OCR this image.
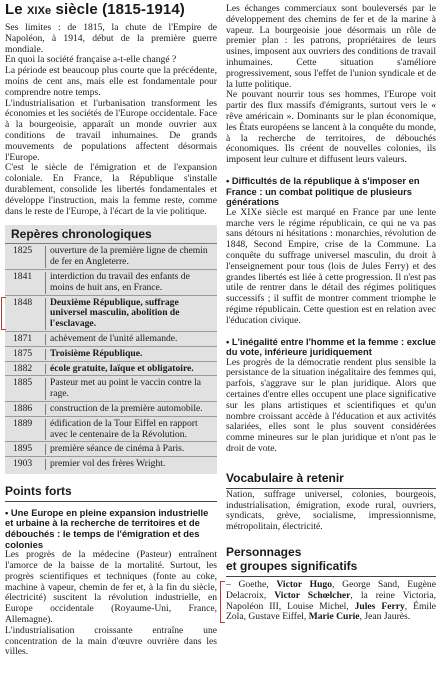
Le XIXe siècle (1815-1914)

Ses limites : de 1815, la chute de l'Empire de Napoléon, à 1914, début de la première guerre mondiale.

En quoi la société française a-t-elle changé ?

La période est beaucoup plus courte que la précédente, moins de cent ans, mais elle est fondamentale pour comprendre notre temps.

L'industrialisation et l'urbanisation transforment les économies et les sociétés de l'Europe occidentale. Face à la bourgeoisie, apparaît un monde ouvrier aux conditions de travail inhumaines. De grands mouvements de populations affectent désormais l'Europe.

C'est le siècle de l'émigration et de l'expansion coloniale. En France, la République s'installe durablement, consolide les libertés fondamentales et développe l'instruction, mais la femme reste, comme dans le reste de l'Europe, à l'écart de la vie politique.

Repères chronologiques
1825	ouverture de la première ligne de chemin de fer en Angleterre.
1841	interdiction du travail des enfants de moins de huit ans, en France.
1848	Deuxième République, suffrage universel masculin, abolition de l'esclavage.
1871	achèvement de l'unité allemande.
1875	Troisième République.
1882	école gratuite, laïque et obligatoire.
1885	Pasteur met au point le vaccin contre la rage.
1886	construction de la première automobile.
1889	édification de la Tour Eiffel en rapport avec le centenaire de la Révolution.
1895	première séance de cinéma à Paris.
1903	premier vol des frères Wright.
Points forts
• Une Europe en pleine expansion industrielle et urbaine à la recherche de territoires et de débouchés : le temps de l'émigration et des colonies

Les progrès de la médecine (Pasteur) entraînent l'amorce de la baisse de la mortalité. Surtout, les progrès scientifiques et techniques (fonte au coke, machine à vapeur, chemin de fer et, à la fin du siècle, électricité) suscitent la révolution industrielle, en Europe occidentale (Royaume-Uni, France, Allemagne).

L'industrialisation croissante entraîne une concentration de la main d'œuvre ouvrière dans les villes.

Les échanges commerciaux sont bouleversés par le développement des chemins de fer et de la marine à vapeur. La bourgeoisie joue désormais un rôle de premier plan : les patrons, propriétaires de leurs usines, imposent aux ouvriers des conditions de travail inhumaines. Cette situation s'améliore progressivement, sous l'effet de l'union syndicale et de la lutte politique.

Ne pouvant nourrir tous ses hommes, l'Europe voit partir des flux massifs d'émigrants, surtout vers le « rêve américain ». Dominants sur le plan économique, les États européens se lancent à la conquête du monde, à la recherche de territoires, de débouchés économiques. Ils créent de nouvelles colonies, ils imposent leur culture et diffusent leurs valeurs.

• Difficultés de la république à s'imposer en France : un combat politique de plusieurs générations

Le XIXe siècle est marqué en France par une lente marche vers le régime républicain, ce qui ne va pas sans détours ni hésitations : monarchies, révolution de 1848, Second Empire, crise de la Commune. La conquête du suffrage universel masculin, du droit à l'enseignement pour tous (lois de Jules Ferry) et des grandes libertés est liée à cette progression. Il n'est pas utile de rentrer dans le détail des régimes politiques successifs ; il suffit de montrer comment triomphe le régime républicain. Cette question est en relation avec l'éducation civique.

• L'inégalité entre l'homme et la femme : exclue du vote, inférieure juridiquement

Les progrès de la démocratie rendent plus sensible la persistance de la situation inégalitaire des femmes qui, parfois, s'aggrave sur le plan juridique. Alors que certaines d'entre elles occupent une place significative sur les plans artistiques et scientifiques et qu'un nombre croissant accède à l'éducation et aux activités salariées, elles sont le plus souvent considérées comme mineures sur le plan juridique et n'ont pas le droit de vote.

Vocabulaire à retenir

Nation, suffrage universel, colonies, bourgeois, industrialisation, émigration, exode rural, ouvriers, syndicats, grève, socialisme, impressionnisme, métropolitain, électricité.

Personnages
et groupes significatifs

– Goethe, Victor Hugo, George Sand, Eugène Delacroix, Victor Schœlcher, la reine Victoria, Napoléon III, Louise Michel, Jules Ferry, Émile Zola, Gustave Eiffel, Marie Curie, Jean Jaurès.
